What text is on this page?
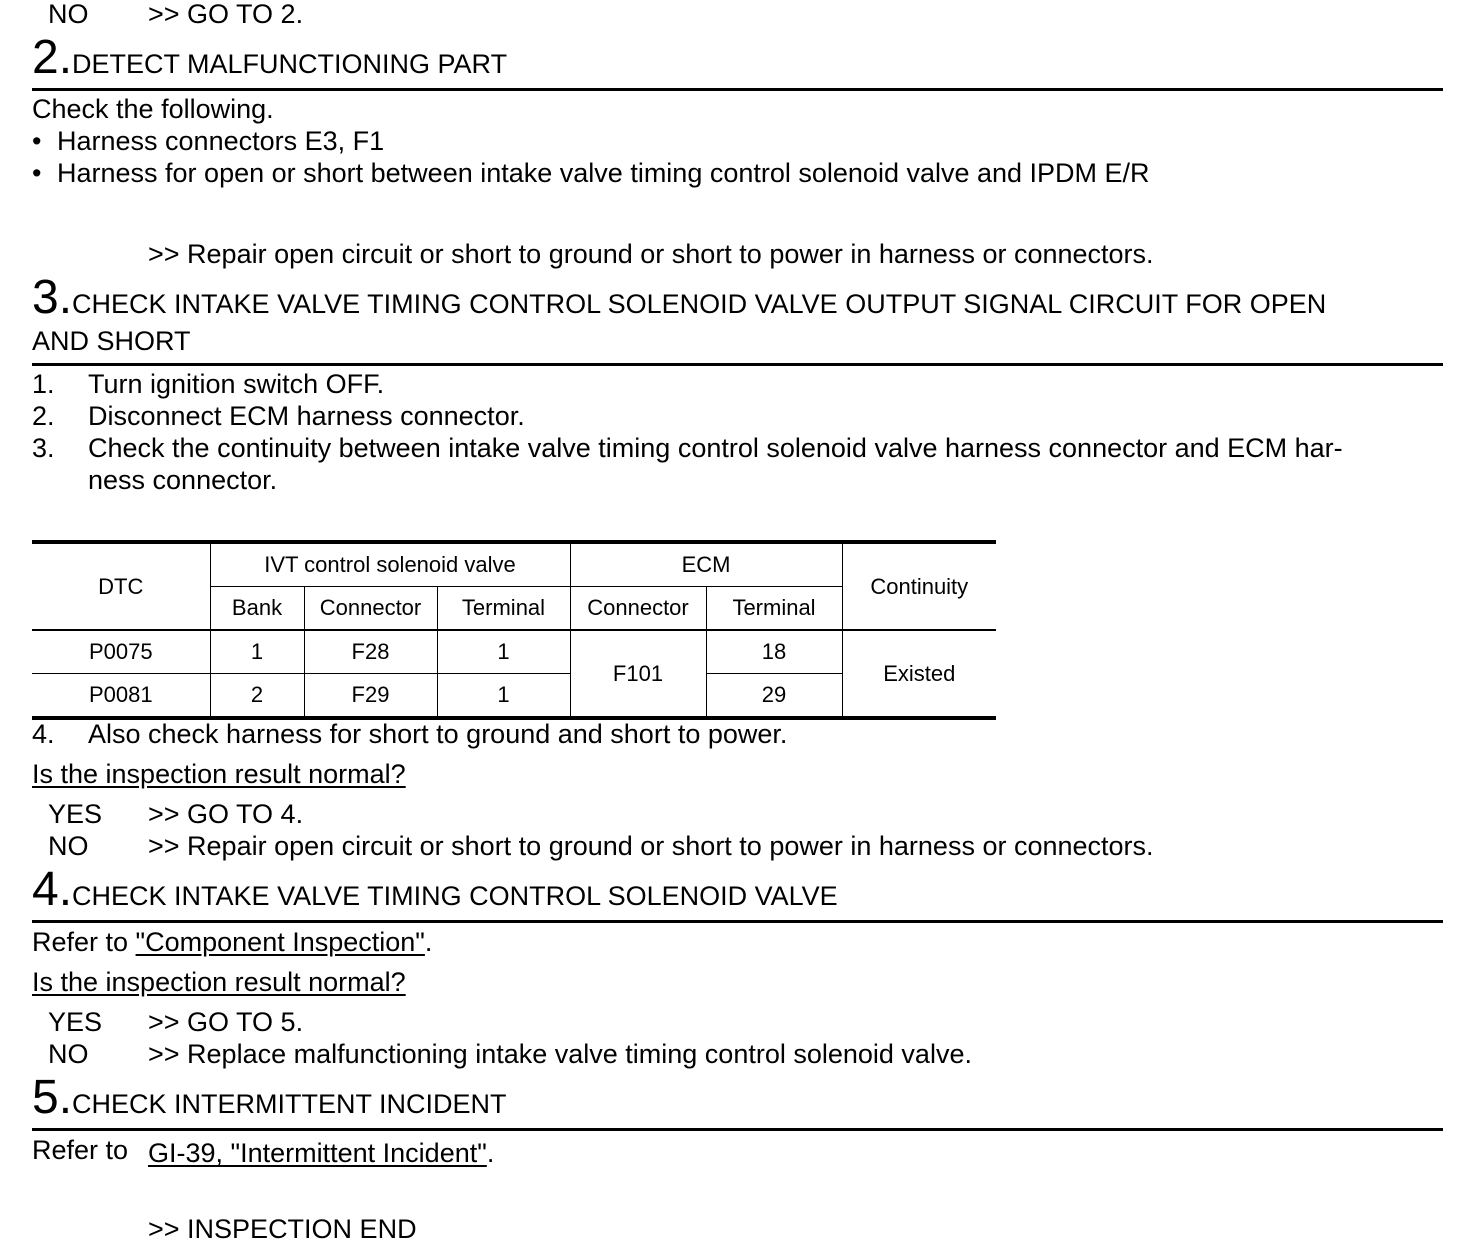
NO >> GO TO 2.
2.DETECT MALFUNCTIONING PART
Check the following.
• Harness connectors E3, F1
• Harness for open or short between intake valve timing control solenoid valve and IPDM E/R
>> Repair open circuit or short to ground or short to power in harness or connectors.
3.CHECK INTAKE VALVE TIMING CONTROL SOLENOID VALVE OUTPUT SIGNAL CIRCUIT FOR OPEN
AND SHORT
1. Turn ignition switch OFF.
2. Disconnect ECM harness connector.
3. Check the continuity between intake valve timing control solenoid valve harness connector and ECM har-
ness connector.
DTC	IVT control solenoid valve			ECM		Continuity
	Bank	Connector	Terminal	Connector	Terminal	
P0075	1	F28	1	F101	18	Existed
P0081	2	F29	1		29	
4. Also check harness for short to ground and short to power.
Is the inspection result normal?
YES >> GO TO 4.
NO >> Repair open circuit or short to ground or short to power in harness or connectors.
4.CHECK INTAKE VALVE TIMING CONTROL SOLENOID VALVE
Refer to "Component Inspection".
Is the inspection result normal?
YES >> GO TO 5.
NO >> Replace malfunctioning intake valve timing control solenoid valve.
5.CHECK INTERMITTENT INCIDENT
Refer to GI-39, "Intermittent Incident".
>> INSPECTION END
